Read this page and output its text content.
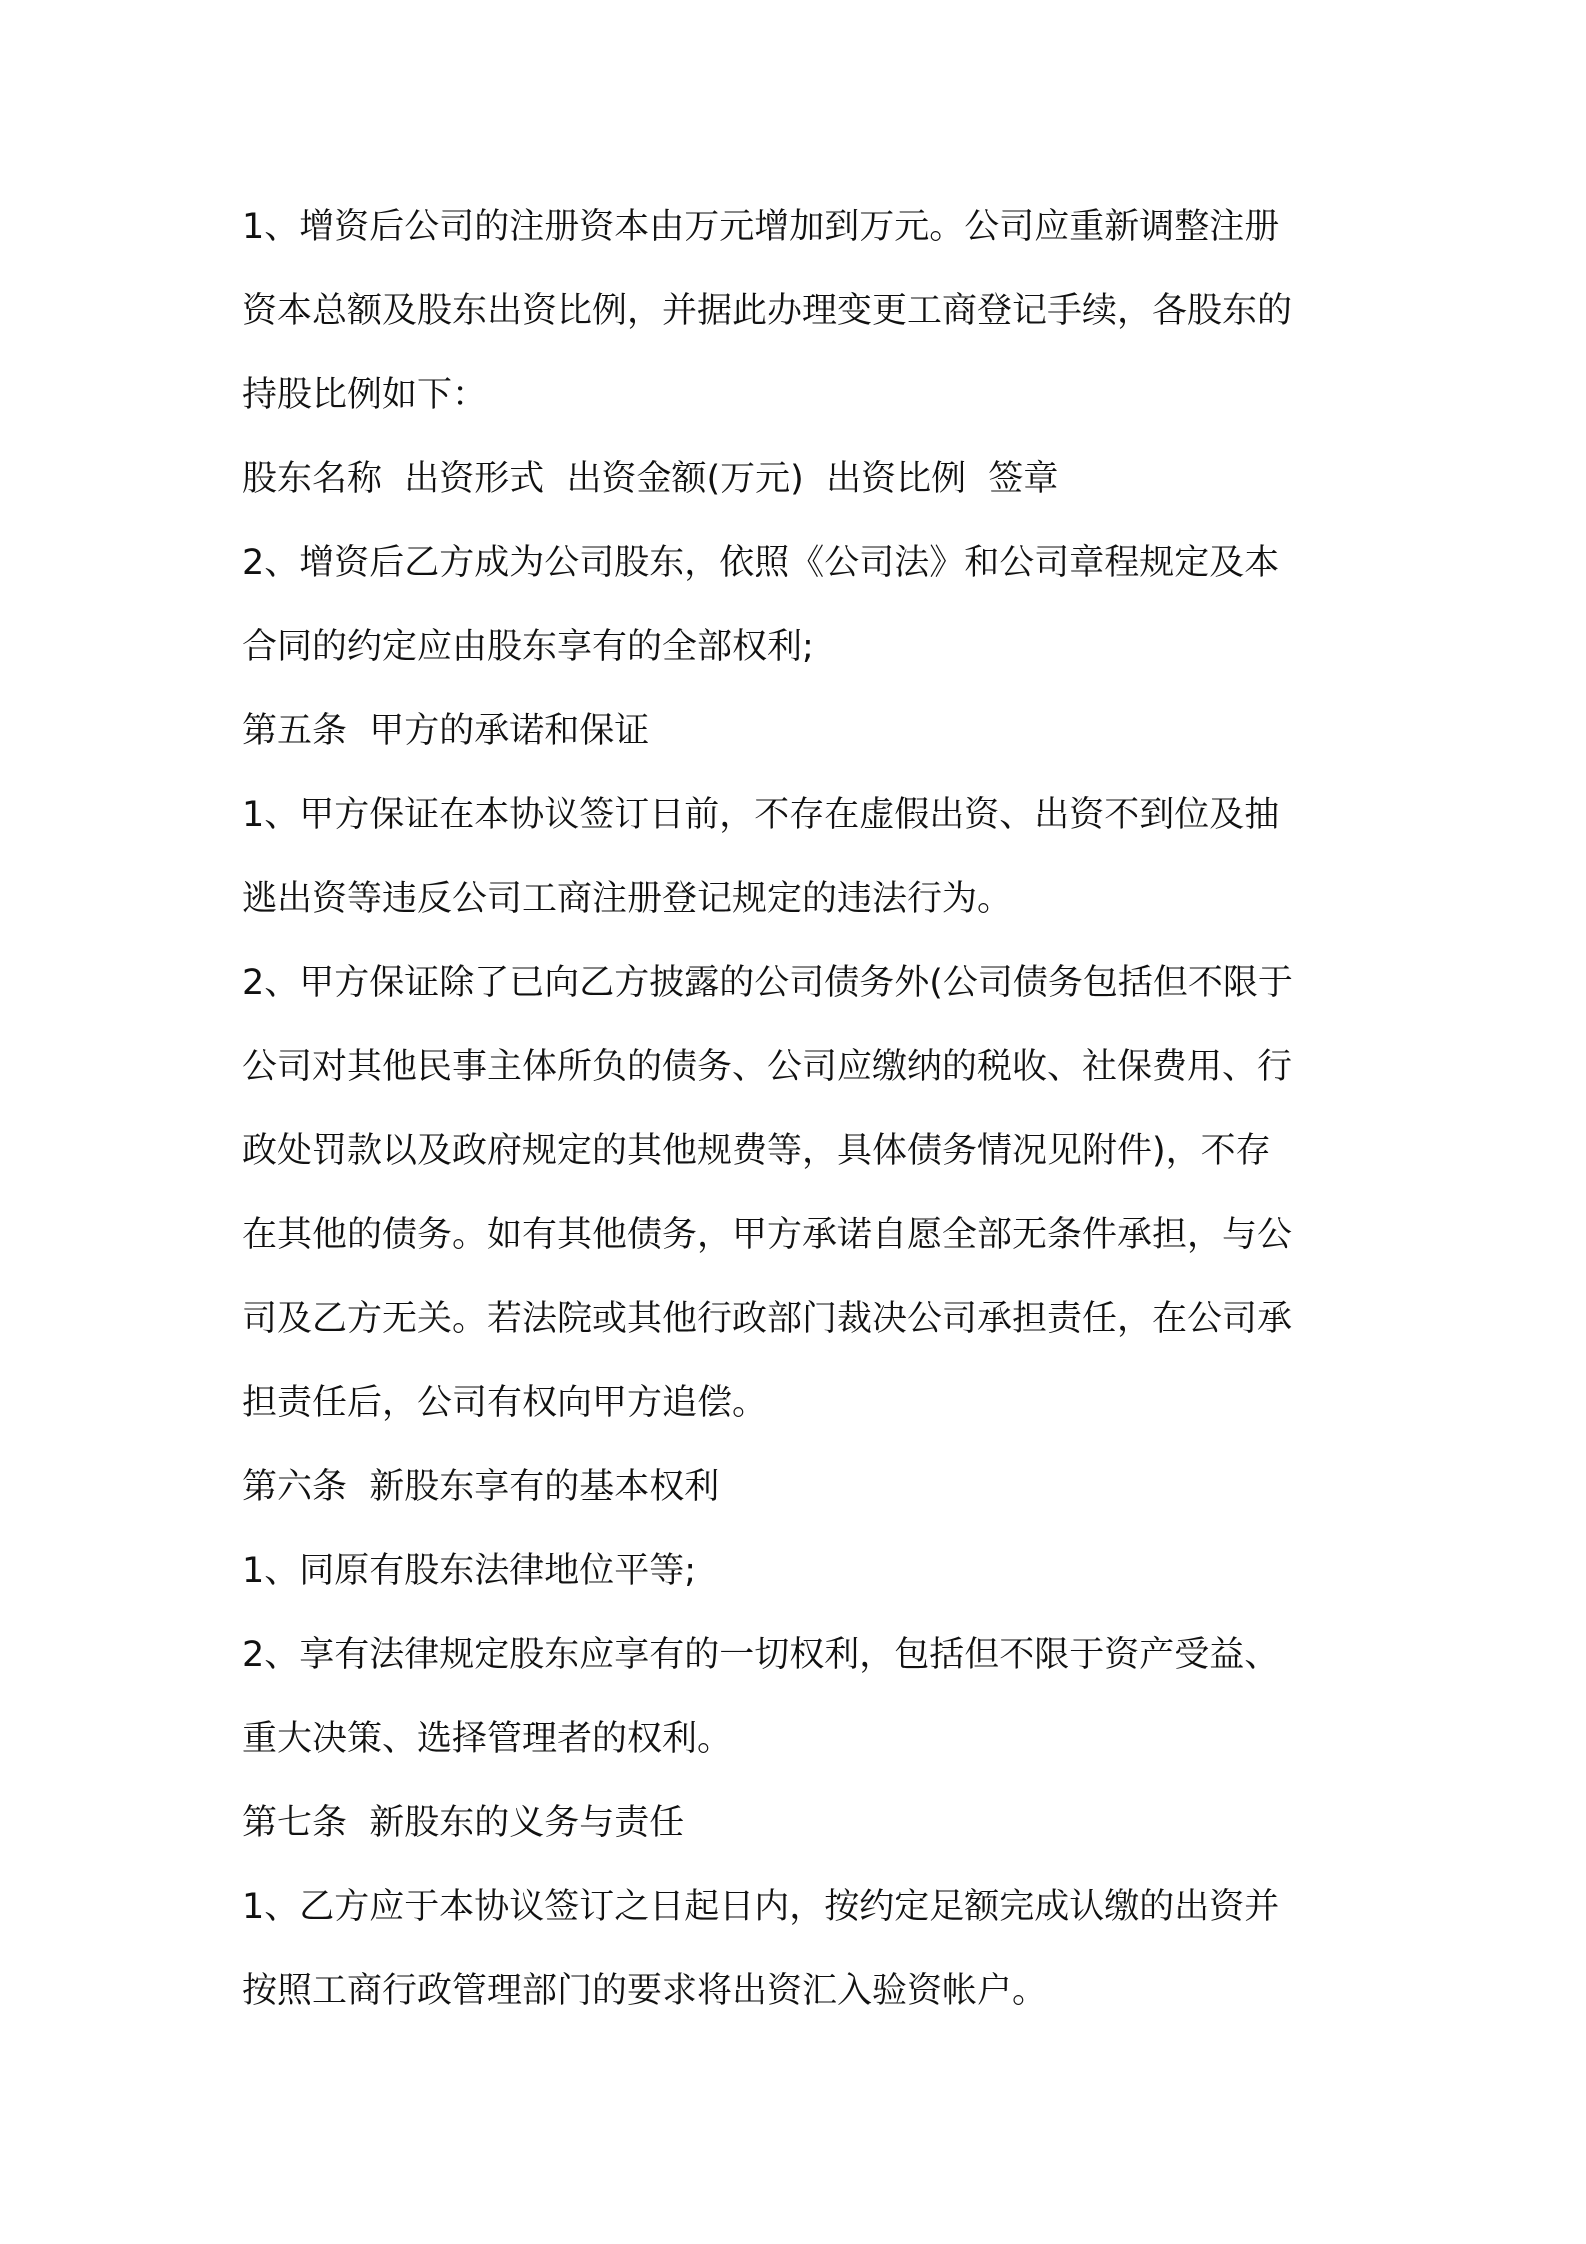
1、增资后公司的注册资本由万元增加到万元。公司应重新调整注册

资本总额及股东出资比例，并据此办理变更工商登记手续，各股东的

持股比例如下：

股东名称  出资形式  出资金额(万元)  出资比例  签章

2、增资后乙方成为公司股东，依照《公司法》和公司章程规定及本

合同的约定应由股东享有的全部权利;

第五条  甲方的承诺和保证

1、甲方保证在本协议签订日前，不存在虚假出资、出资不到位及抽

逃出资等违反公司工商注册登记规定的违法行为。

2、甲方保证除了已向乙方披露的公司债务外(公司债务包括但不限于

公司对其他民事主体所负的债务、公司应缴纳的税收、社保费用、行

政处罚款以及政府规定的其他规费等，具体债务情况见附件)，不存

在其他的债务。如有其他债务，甲方承诺自愿全部无条件承担，与公

司及乙方无关。若法院或其他行政部门裁决公司承担责任，在公司承

担责任后，公司有权向甲方追偿。

第六条  新股东享有的基本权利

1、同原有股东法律地位平等;

2、享有法律规定股东应享有的一切权利，包括但不限于资产受益、

重大决策、选择管理者的权利。

第七条  新股东的义务与责任

1、乙方应于本协议签订之日起日内，按约定足额完成认缴的出资并

按照工商行政管理部门的要求将出资汇入验资帐户。
